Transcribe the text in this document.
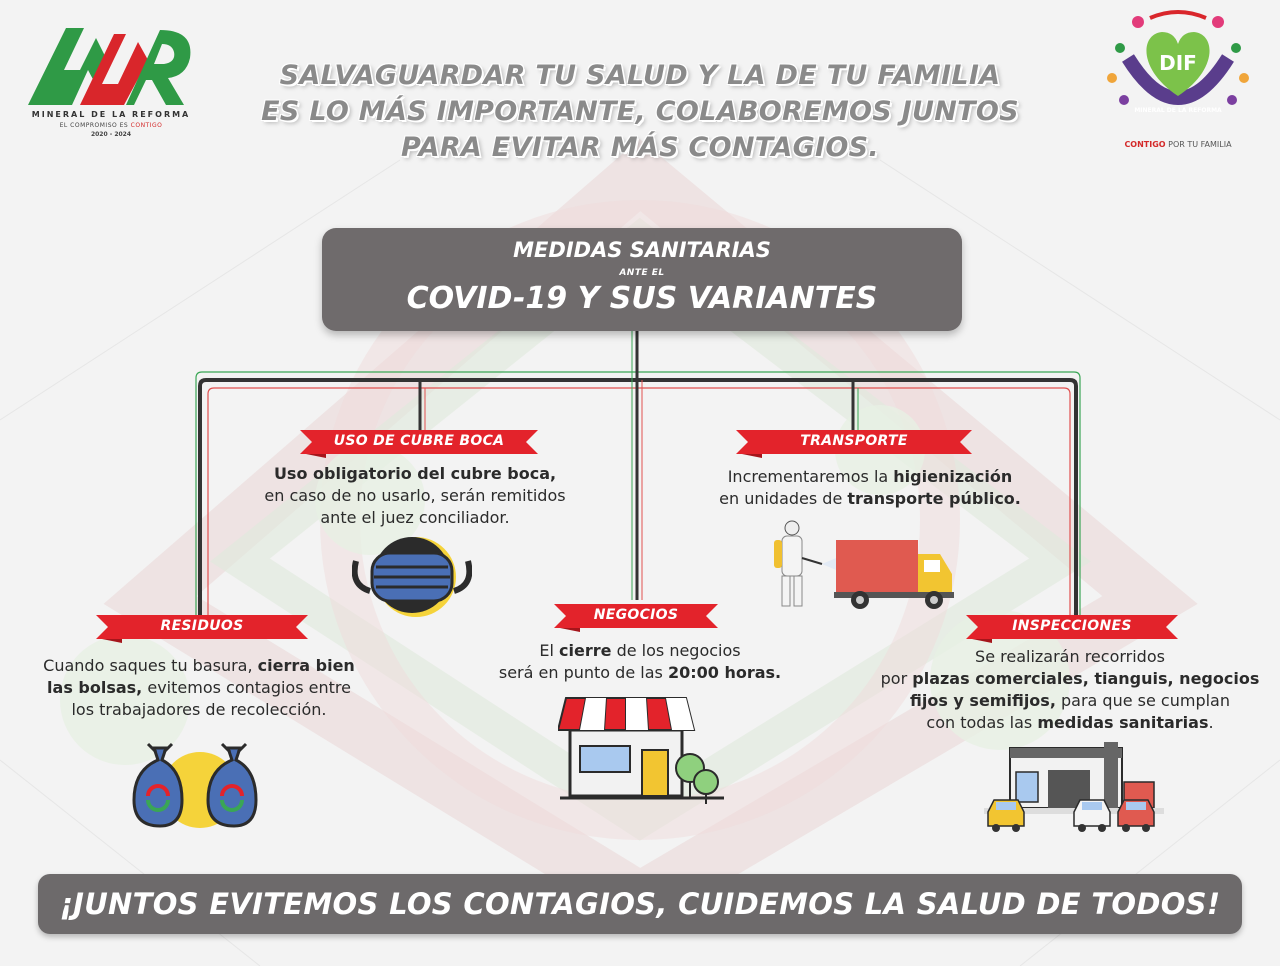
MINERAL DE LA REFORMA
EL COMPROMISO ES CONTIGO
2020 - 2024
SALVAGUARDAR TU SALUD Y LA DE TU FAMILIA
ES LO MÁS IMPORTANTE, COLABOREMOS JUNTOS
PARA EVITAR MÁS CONTAGIOS.
DIF
MINERAL DE LA REFORMA
CONTIGO POR TU FAMILIA
MEDIDAS SANITARIAS
ANTE EL
COVID-19 Y SUS VARIANTES
USO DE CUBRE BOCA
Uso obligatorio del cubre boca,
en caso de no usarlo, serán remitidos
ante el juez conciliador.
TRANSPORTE
Incrementaremos la higienización
en unidades de transporte público.
RESIDUOS
Cuando saques tu basura, cierra bien
las bolsas, evitemos contagios entre
los trabajadores de recolección.
NEGOCIOS
El cierre de los negocios
será en punto de las 20:00 horas.
INSPECCIONES
Se realizarán recorridos
por plazas comerciales, tianguis, negocios
fijos y semifijos, para que se cumplan
con todas las medidas sanitarias.
¡JUNTOS EVITEMOS LOS CONTAGIOS, CUIDEMOS LA SALUD DE TODOS!
